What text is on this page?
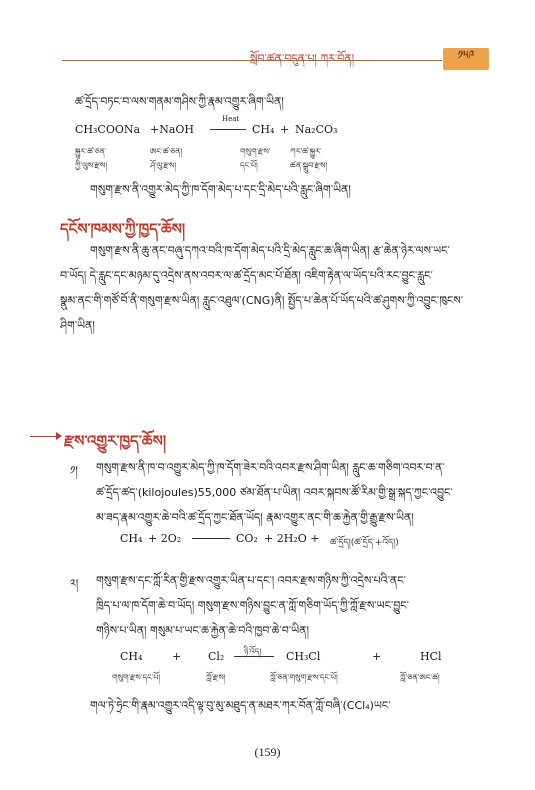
སློབ་ཚན་བདུན་པ། ཀར་བོན།	༡༥༩
ཚ་དྲོད་བཏང་བ་ལས་གནམ་གཤིས་ཀྱི་རྣམ་འགྱུར་ཞིག་ཡིན།
CH₃COONa +NaOH
Heat
CH₄ + Na₂CO₃
སྐྱུར་ཚ་ཅན་	ཨང་ཚ་ཅན།	གསུག་རྫས་ ཀར་ཚ་སྐྱུར་
ཀྱི་ལུས་རྫས།	ཤོ་ལུ་རྫས།	དང་པོ།	ཚན་སྒྲུབ་རྫས།
གསུག་རྫས་ནི་འགྱུར་མེད་ཀྱི་ཁ་དོག་མེད་པ་དང་དྲི་མེད་པའི་རླུང་ཞིག་ཡིན།
དངོས་ཁམས་ཀྱི་ཁྱད་ཆོས།
གསུག་རྫས་ནི་ཆུ་ནང་བཞུ་དཀའ་བའི་ཁ་དོག་མེད་པའི་དྲི་མེད་རླུང་ཆ་ཞིག་ཡིན། རྩ་ཆེན་ཉེར་ལས་ཡང་
བ་ཡོད། དེ་རླུང་དང་མཉམ་དུ་འདྲེས་ནས་འབར་ལ་ཚ་དྲོད་མང་པོ་ཐོན། འཇིག་རྟེན་ལ་ཡོད་པའི་རང་བྱུང་རླུང་
སྣུམ་ནང་གི་གཙོ་བོ་ནི་གསུག་རྫས་ཡིན། རླུང་འཐུལ་(CNG)ནི། སྤྱོད་པ་ཆེན་པོ་ཡོད་པའི་ཚ་ཤུགས་ཀྱི་འབྱུང་ཁུངས་
ཤིག་ཡིན།
རྫས་འགྱུར་ཁྱད་ཆོས།
༡། གསུག་རྫས་ནི་ཁ་བ་འགྱུར་མེད་ཀྱི་ཁ་དོག་ཟེར་བའི་འབར་རྫས་ཤིག་ཡིན། རླུང་ཆ་གཅིག་འབར་བ་ན་
ཚ་དྲོད་ཚད་(kilojoules)55,000 ཙམ་ཐོན་པ་ཡིན། འབར་སྐབས་ཚོ་རིམ་གྱི་སྒྲ་སྐད་ཀྱང་འབྱུང་
མ་ཟད་རྣམ་འགྱུར་ཆེ་བའི་ཚ་དྲོད་ཀྱང་ཐོན་ཡོད། རྣམ་འགྱུར་ནང་གི་ཆ་རྐྱེན་གྱི་རྒྱུ་རྫས་ཡིན།
CH₄ + 2O₂	CO₂ + 2H₂O + ཚ་དྲོད།(ཚ་དྲོད་+འོད།)
༢། གསུག་རྫས་དང་ཀློ་རིན་གྱི་རྫས་འགྱུར་ཡིན་པ་དང་། འབར་རྫས་གཉིས་ཀྱི་འདྲེས་པའི་ནང་
ཁྲིད་པ་ལ་ཁ་དོག་ཆེ་བ་ཡོད། གསུག་རྫས་གཉིས་བྱུང་ན་ཀློ་གཅིག་ཡོད་ཀྱི་ཀློ་རྫས་ཡང་བྱུང་
གཉིས་པ་ཡིན། གསུམ་པ་ཡང་ཆ་རྐྱེན་ཆེ་བའི་ཁྱབ་ཆེ་བ་ཡིན།
ཉི་འོད།
CH₄	+ Cl₂	CH₃Cl	+	HCl
གསུག་རྫས་དང་པོ།	ཀློ་རྫས།	ཀློ་ཅན་གསུག་རྫས་དང་པོ།	ཀློ་ཅན་ཨང་ཚ།
གལ་ཏེ་ཧྲེང་གི་རྣམ་འགྱུར་འདི་ལྟ་བུ་མུ་མཐུད་ན་མཐར་ཀར་བོན་ཀློ་བཞི་(CCl₄)ཡང་
(159)
